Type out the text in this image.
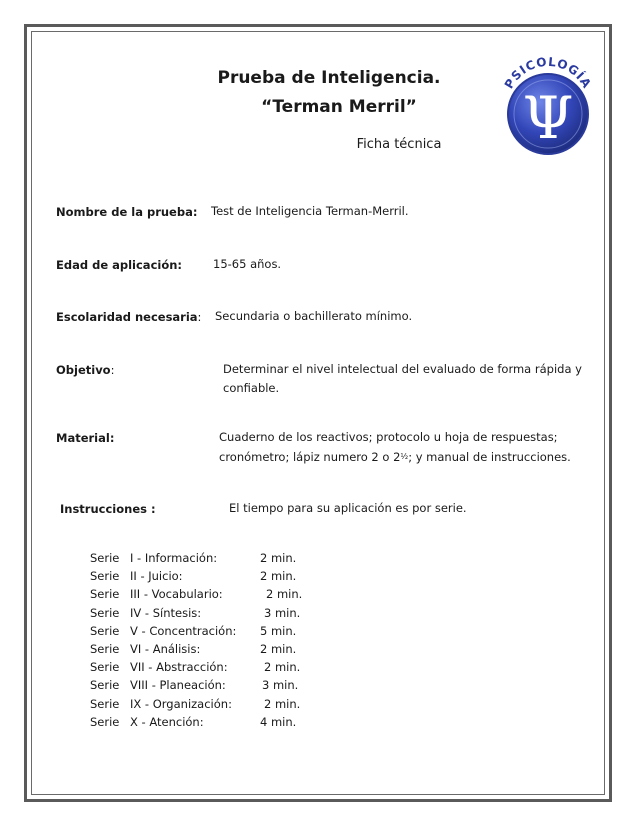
Prueba de Inteligencia.
“Terman Merril”
Ficha técnica
PSICOLOGÍA
Ψ
Nombre de la prueba: Test de Inteligencia Terman-Merril.
Edad de aplicación:	15-65 años.
Escolaridad necesaria: Secundaria o bachillerato mínimo.
Objetivo:	Determinar el nivel intelectual del evaluado de forma rápida y
confiable.
Material:	Cuaderno de los reactivos; protocolo u hoja de respuestas;
cronómetro; lápiz numero 2 o 2½; y manual de instrucciones.
Instrucciones :	El tiempo para su aplicación es por serie.
Serie I - Información:	2 min.
Serie II - Juicio:	2 min.
Serie III - Vocabulario:	2 min.
Serie IV - Síntesis:	3 min.
Serie V - Concentración: 5 min.
Serie VI - Análisis:	2 min.
Serie VII - Abstracción:	2 min.
Serie VIII - Planeación:	3 min.
Serie IX - Organización:	2 min.
Serie X - Atención:	4 min.
